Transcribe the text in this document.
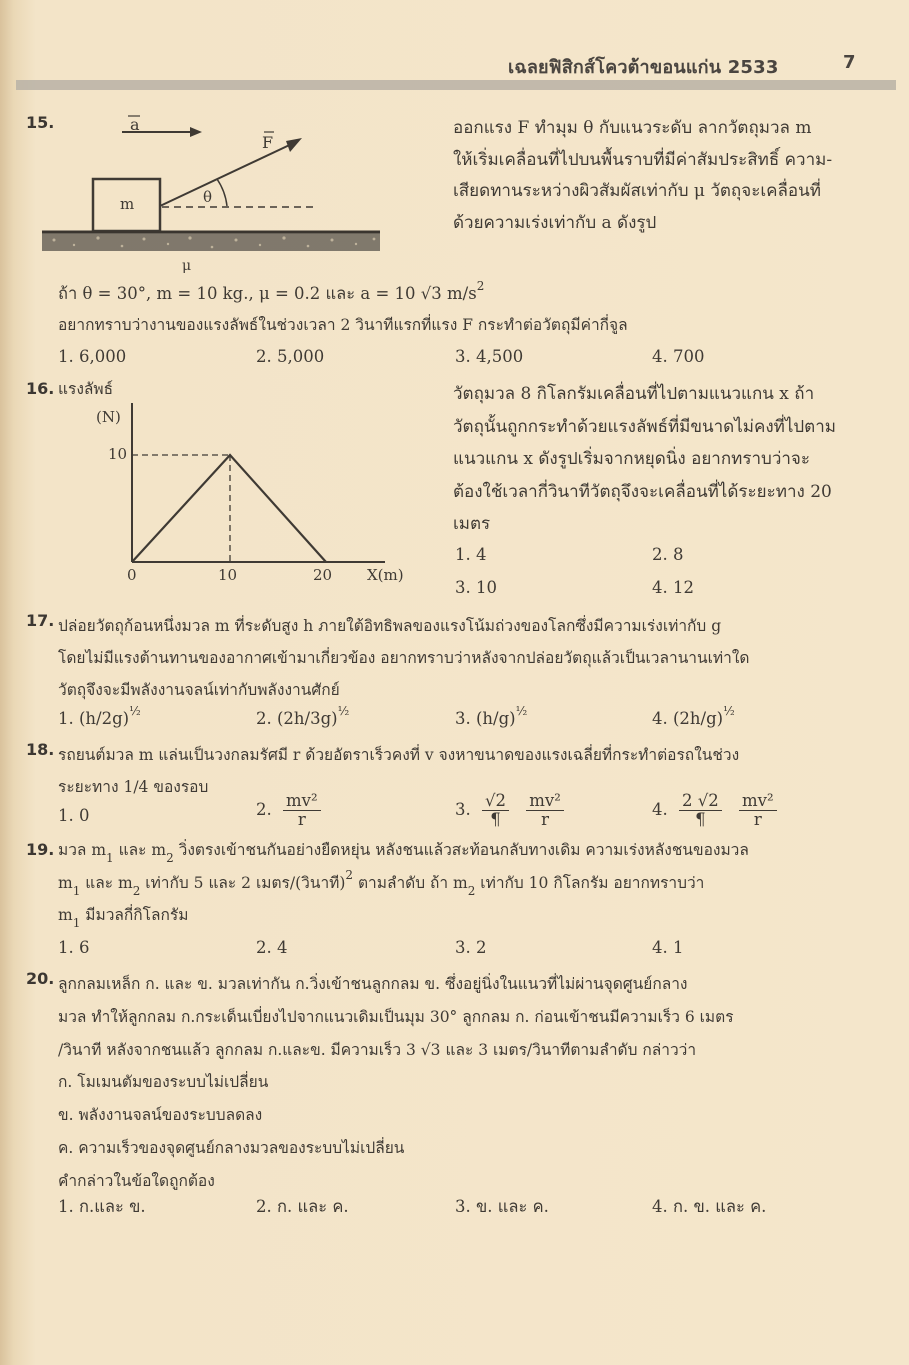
เฉลยฟิสิกส์โควต้าขอนแก่น 2533	7
15.	a
m
F
θ
μ
ออกแรง F ทำมุม θ กับแนวระดับ ลากวัตถุมวล m
ให้เริ่มเคลื่อนที่ไปบนพื้นราบที่มีค่าสัมประสิทธิ์ ความ-
เสียดทานระหว่างผิวสัมผัสเท่ากับ μ วัตถุจะเคลื่อนที่
ด้วยความเร่งเท่ากับ a ดังรูป
ถ้า θ = 30°, m = 10 kg., μ = 0.2 และ a = 10 √3 $m/s^2$
อยากทราบว่างานของแรงลัพธ์ในช่วงเวลา 2 วินาทีแรกที่แรง F กระทำต่อวัตถุมีค่ากี่จูล
1. 6,000	2. 5,000	3. 4,500	4. 700
16. แรงลัพธ์
(N)
10
0	10	20 X(m)
วัตถุมวล 8 กิโลกรัมเคลื่อนที่ไปตามแนวแกน x ถ้า
วัตถุนั้นถูกกระทำด้วยแรงลัพธ์ที่มีขนาดไม่คงที่ไปตาม
แนวแกน x ดังรูปเริ่มจากหยุดนิ่ง อยากทราบว่าจะ
ต้องใช้เวลากี่วินาทีวัตถุจึงจะเคลื่อนที่ได้ระยะทาง 20
เมตร
1. 4	2. 8
3. 10	4. 12
17. ปล่อยวัตถุก้อนหนึ่งมวล m ที่ระดับสูง h ภายใต้อิทธิพลของแรงโน้มถ่วงของโลกซึ่งมีความเร่งเท่ากับ g
โดยไม่มีแรงต้านทานของอากาศเข้ามาเกี่ยวข้อง อยากทราบว่าหลังจากปล่อยวัตถุแล้วเป็นเวลานานเท่าใด
วัตถุจึงจะมีพลังงานจลน์เท่ากับพลังงานศักย์
1. $(h/2g)^{\frac{1}{2}}$	2. $(2h/3g)^{\frac{1}{2}}$	3. $(h/g)^{\frac{1}{2}}$	4. $(2h/g)^{\frac{1}{2}}$
18. รถยนต์มวล m แล่นเป็นวงกลมรัศมี r ด้วยอัตราเร็วคงที่ v จงหาขนาดของแรงเฉลี่ยที่กระทำต่อรถในช่วง
ระยะทาง 1/4 ของรอบ
1. 0	2. $\frac{\text{mv²}}{r}$	3. $\frac{√2}{\P}$
$\frac{\text{mv²}}{r}$	4. $\frac{2 √2}{\P}$
$\frac{\text{mv²}}{r}$
19. มวล $m_1$ และ $m_2$ วิ่งตรงเข้าชนกันอย่างยืดหยุ่น หลังชนแล้วสะท้อนกลับทางเดิม ความเร่งหลังชนของมวล
$m_1$ และ $m_2$ เท่ากับ 5 และ 2 เมตร/(วินาที)$^2$ ตามลำดับ ถ้า $m_2$ เท่ากับ 10 กิโลกรัม อยากทราบว่า
$m_1$ มีมวลกี่กิโลกรัม
1. 6	2. 4	3. 2	4. 1
20. ลูกกลมเหล็ก ก. และ ข. มวลเท่ากัน ก.วิ่งเข้าชนลูกกลม ข. ซึ่งอยู่นิ่งในแนวที่ไม่ผ่านจุดศูนย์กลาง
มวล ทำให้ลูกกลม ก.กระเด็นเบี่ยงไปจากแนวเดิมเป็นมุม 30° ลูกกลม ก. ก่อนเข้าชนมีความเร็ว 6 เมตร
/วินาที หลังจากชนแล้ว ลูกกลม ก.และข. มีความเร็ว 3 √3 และ 3 เมตร/วินาทีตามลำดับ กล่าวว่า
ก. โมเมนตัมของระบบไม่เปลี่ยน
ข. พลังงานจลน์ของระบบลดลง
ค. ความเร็วของจุดศูนย์กลางมวลของระบบไม่เปลี่ยน
คำกล่าวในข้อใดถูกต้อง
1. ก.และ ข.	2. ก. และ ค.	3. ข. และ ค.	4. ก. ข. และ ค.
